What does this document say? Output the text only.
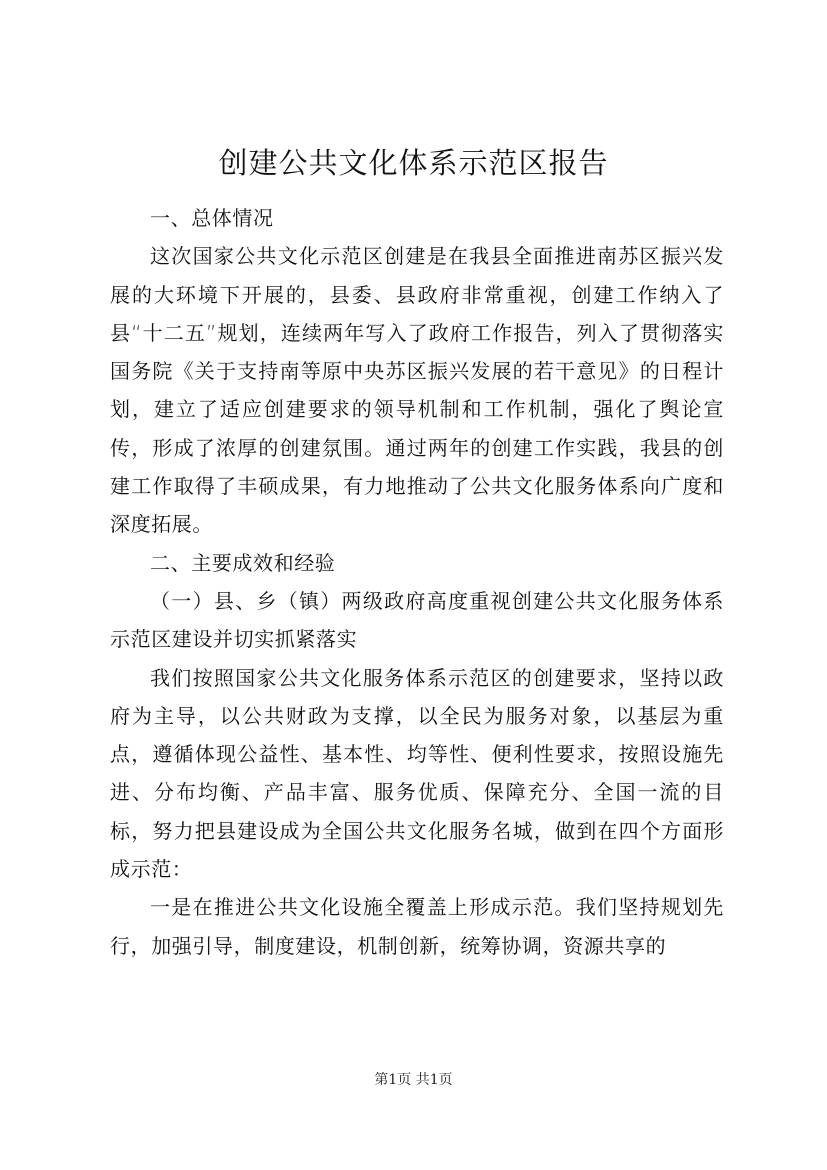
创建公共文化体系示范区报告

一、总体情况

这次国家公共文化示范区创建是在我县全面推进南苏区振兴发展的大环境下开展的，县委、县政府非常重视，创建工作纳入了县“十二五”规划，连续两年写入了政府工作报告，列入了贯彻落实国务院《关于支持南等原中央苏区振兴发展的若干意见》的日程计划，建立了适应创建要求的领导机制和工作机制，强化了舆论宣传，形成了浓厚的创建氛围。通过两年的创建工作实践，我县的创建工作取得了丰硕成果，有力地推动了公共文化服务体系向广度和深度拓展。

二、主要成效和经验

（一）县、乡（镇）两级政府高度重视创建公共文化服务体系示范区建设并切实抓紧落实

我们按照国家公共文化服务体系示范区的创建要求，坚持以政府为主导，以公共财政为支撑，以全民为服务对象，以基层为重点，遵循体现公益性、基本性、均等性、便利性要求，按照设施先进、分布均衡、产品丰富、服务优质、保障充分、全国一流的目标，努力把县建设成为全国公共文化服务名城，做到在四个方面形成示范：

一是在推进公共文化设施全覆盖上形成示范。我们坚持规划先行，加强引导，制度建设，机制创新，统筹协调，资源共享的

第1页 共1页
